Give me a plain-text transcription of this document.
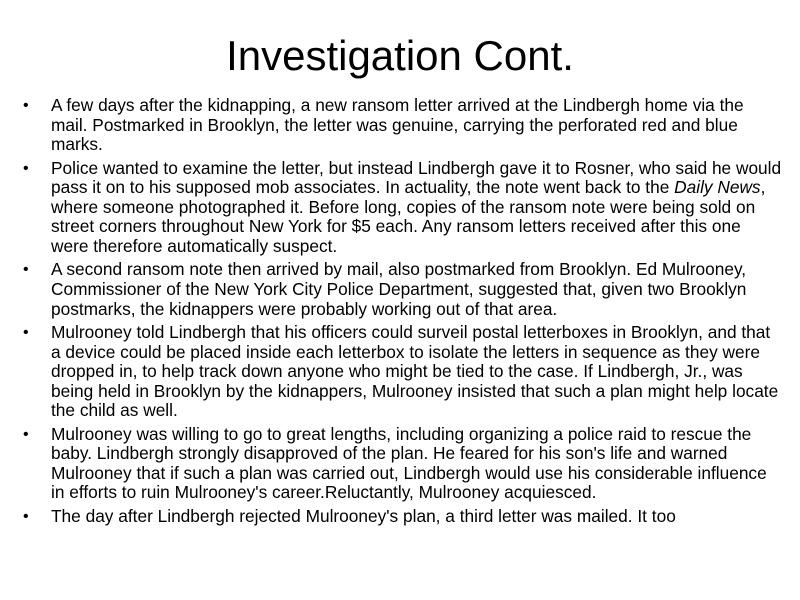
Investigation Cont.
• A few days after the kidnapping, a new ransom letter arrived at the Lindbergh home via the mail. Postmarked in Brooklyn, the letter was genuine, carrying the perforated red and blue marks.
• Police wanted to examine the letter, but instead Lindbergh gave it to Rosner, who said he would pass it on to his supposed mob associates. In actuality, the note went back to the Daily News, where someone photographed it. Before long, copies of the ransom note were being sold on street corners throughout New York for $5 each. Any ransom letters received after this one were therefore automatically suspect.
• A second ransom note then arrived by mail, also postmarked from Brooklyn. Ed Mulrooney, Commissioner of the New York City Police Department, suggested that, given two Brooklyn postmarks, the kidnappers were probably working out of that area.
• Mulrooney told Lindbergh that his officers could surveil postal letterboxes in Brooklyn, and that a device could be placed inside each letterbox to isolate the letters in sequence as they were dropped in, to help track down anyone who might be tied to the case. If Lindbergh, Jr., was being held in Brooklyn by the kidnappers, Mulrooney insisted that such a plan might help locate the child as well.
• Mulrooney was willing to go to great lengths, including organizing a police raid to rescue the baby. Lindbergh strongly disapproved of the plan. He feared for his son's life and warned Mulrooney that if such a plan was carried out, Lindbergh would use his considerable influence in efforts to ruin Mulrooney's career.Reluctantly, Mulrooney acquiesced.
• The day after Lindbergh rejected Mulrooney's plan, a third letter was mailed. It too
